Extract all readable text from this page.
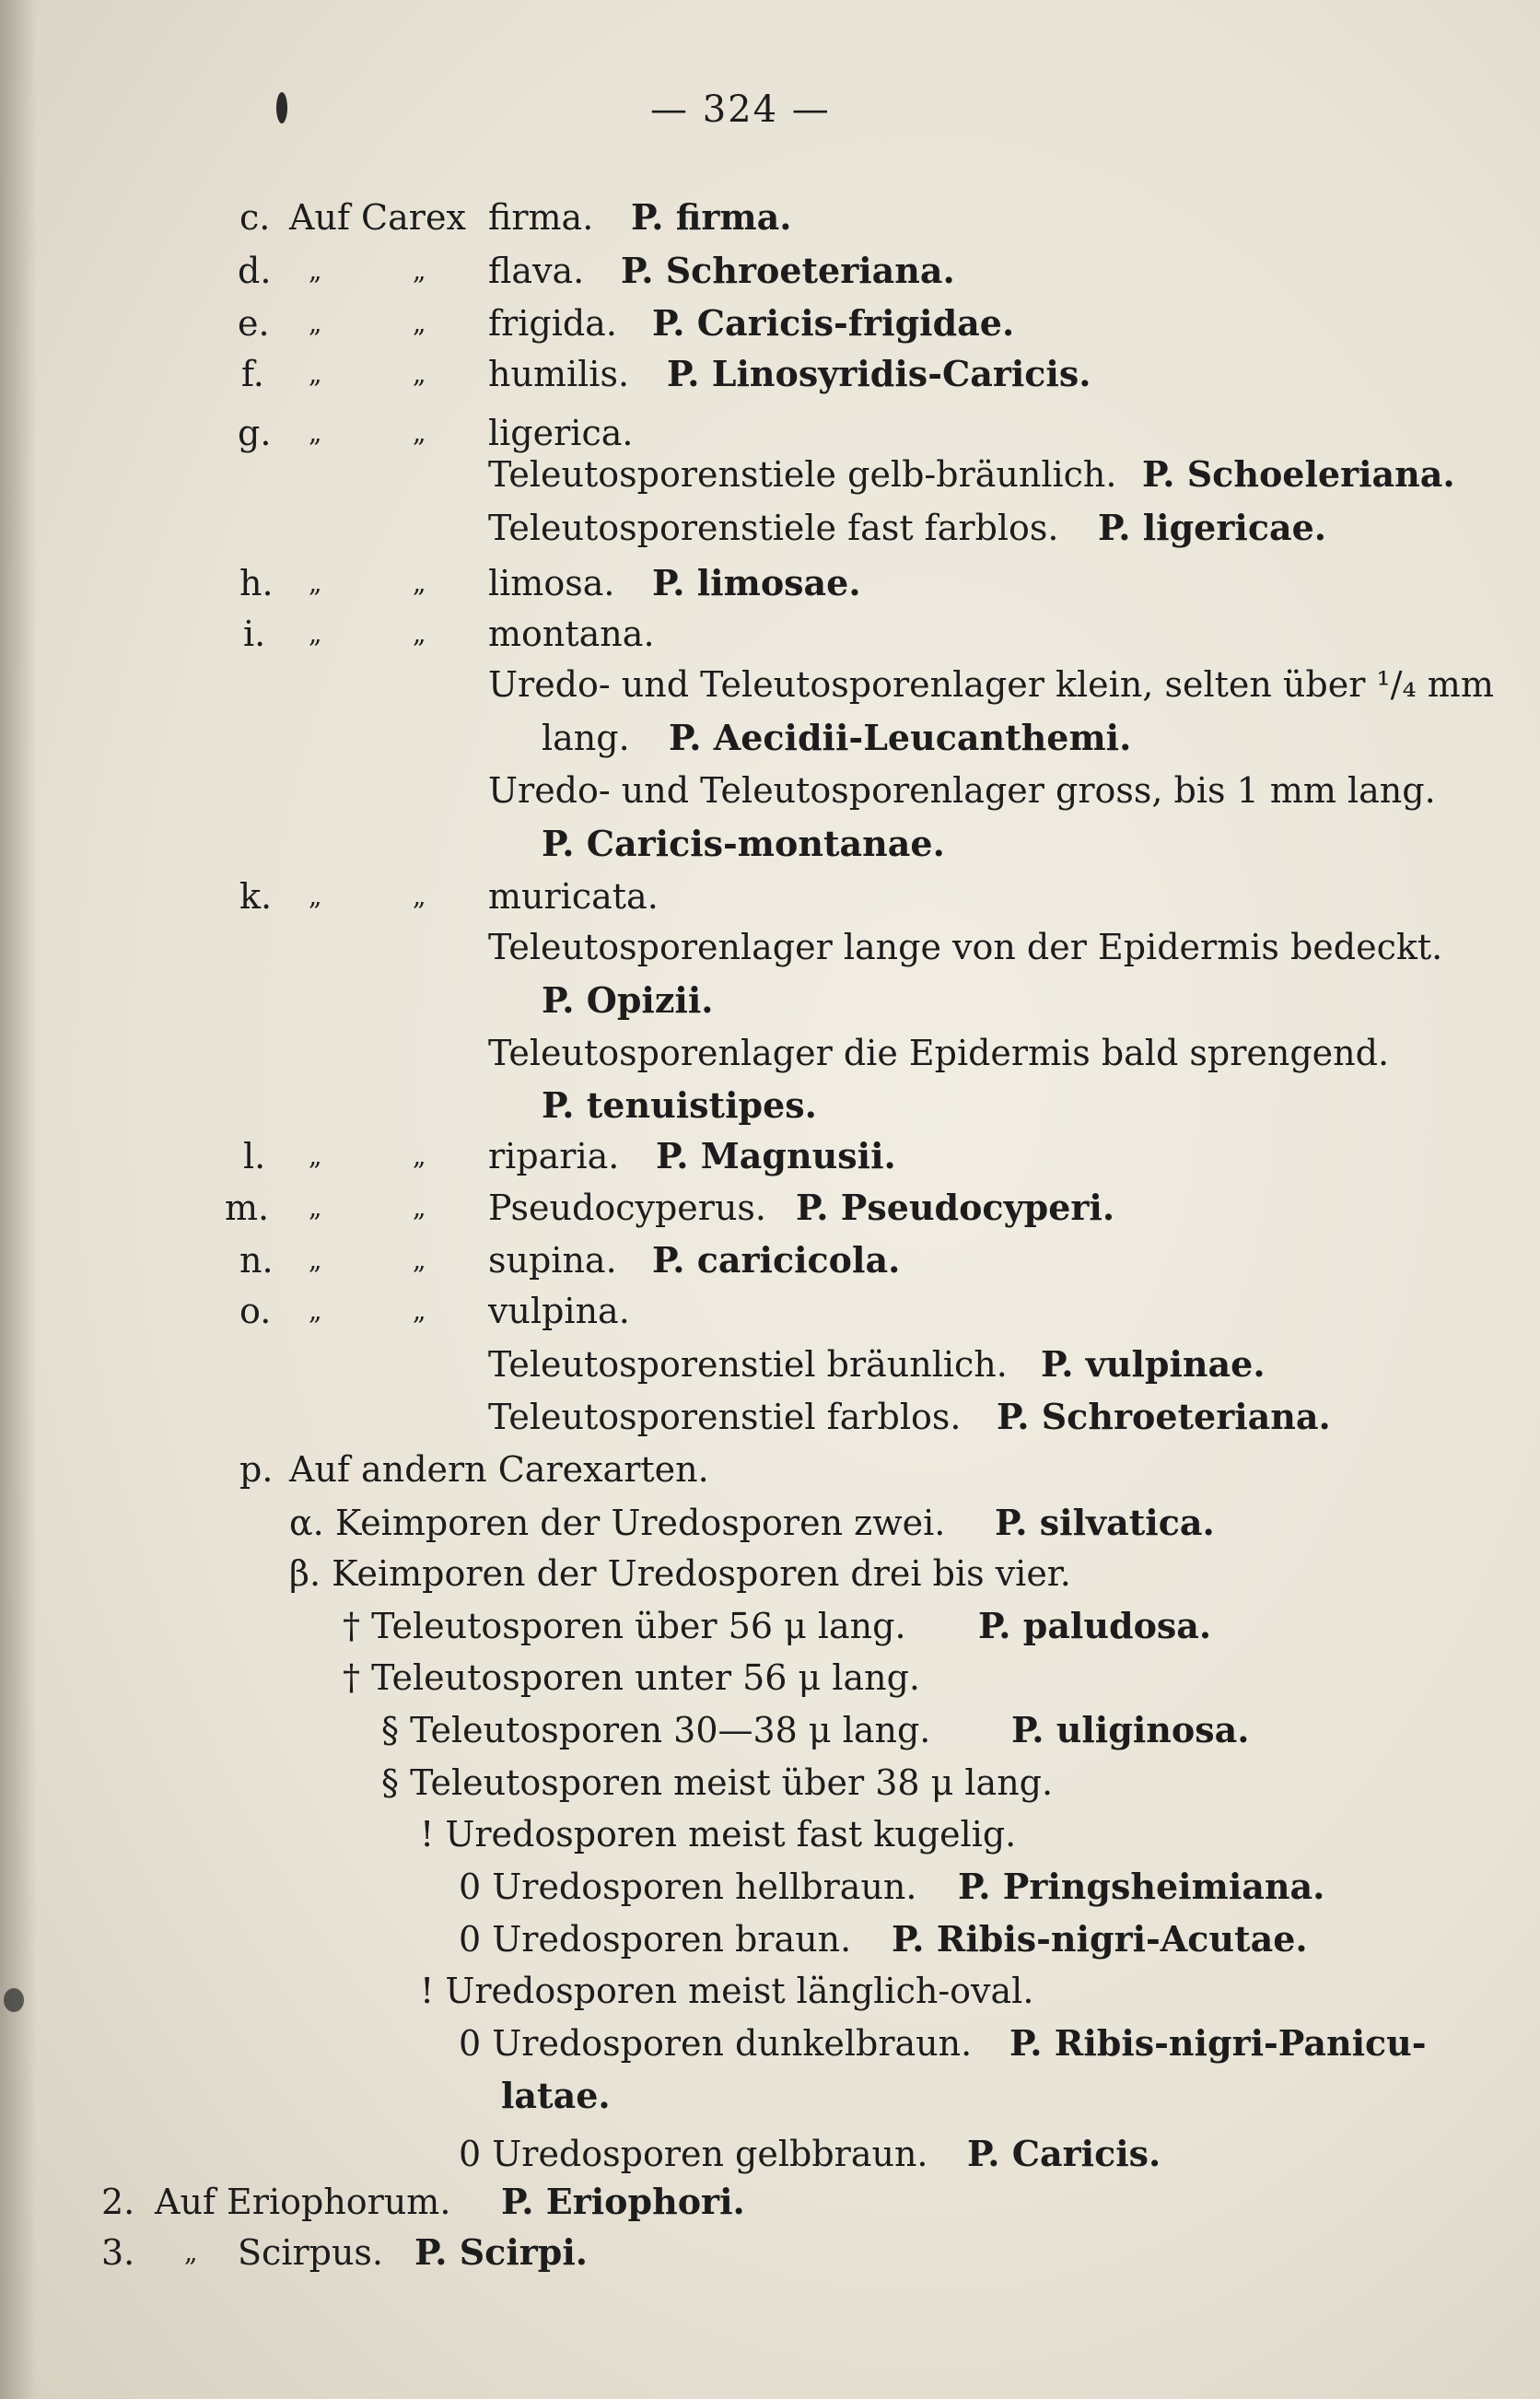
— 324 —
c. Auf Carex firma. P. firma.
d. „	„ flava. P. Schroeteriana.
e. „	„ frigida. P. Caricis-frigidae.
f. „	„ humilis. P. Linosyridis-Caricis.
g. „	„ ligerica.
Teleutosporenstiele gelb-bräunlich. P. Schoeleriana.
Teleutosporenstiele fast farblos. P. ligericae.
h. „	„ limosa. P. limosae.
i. „	„ montana.
Uredo- und Teleutosporenlager klein, selten über ¹/₄ mm
lang. P. Aecidii-Leucanthemi.
Uredo- und Teleutosporenlager gross, bis 1 mm lang.
P. Caricis-montanae.
k. „	„ muricata.
Teleutosporenlager lange von der Epidermis bedeckt.
P. Opizii.
Teleutosporenlager die Epidermis bald sprengend.
P. tenuistipes.
l. „	„ riparia. P. Magnusii.
m. „	„ Pseudocyperus. P. Pseudocyperi.
n. „	„ supina. P. caricicola.
o. „	„ vulpina.
Teleutosporenstiel bräunlich. P. vulpinae.
Teleutosporenstiel farblos. P. Schroeteriana.
p. Auf andern Carexarten.
α. Keimporen der Uredosporen zwei. P. silvatica.
β. Keimporen der Uredosporen drei bis vier.
† Teleutosporen über 56 μ lang. P. paludosa.
† Teleutosporen unter 56 μ lang.
§ Teleutosporen 30—38 μ lang. P. uliginosa.
§ Teleutosporen meist über 38 μ lang.
! Uredosporen meist fast kugelig.
0 Uredosporen hellbraun. P. Pringsheimiana.
0 Uredosporen braun. P. Ribis-nigri-Acutae.
! Uredosporen meist länglich-oval.
0 Uredosporen dunkelbraun. P. Ribis-nigri-Panicu-
latae.
0 Uredosporen gelbbraun. P. Caricis.
2. Auf Eriophorum. P. Eriophori.
3. „ Scirpus. P. Scirpi.
